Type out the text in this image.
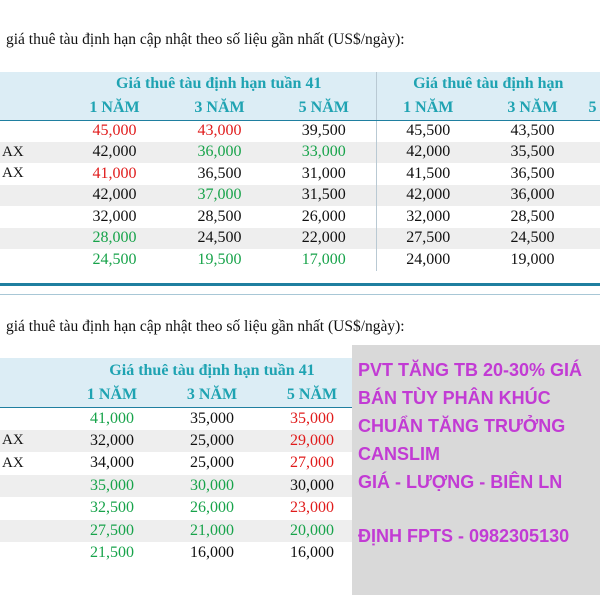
giá thuê tàu định hạn cập nhật theo số liệu gần nhất (US$/ngày):
	Giá thuê tàu định hạn tuần 41			Giá thuê tàu định hạn		
	1 NĂM	3 NĂM	5 NĂM	1 NĂM	3 NĂM	5
	45,000	43,000	39,500	45,500	43,500	
AX	42,000	36,000	33,000	42,000	35,500	
AX	41,000	36,500	31,000	41,500	36,500	
	42,000	37,000	31,500	42,000	36,000	
	32,000	28,500	26,000	32,000	28,500	
	28,000	24,500	22,000	27,500	24,500	
	24,500	19,500	17,000	24,000	19,000	
giá thuê tàu định hạn cập nhật theo số liệu gần nhất (US$/ngày):
	Giá thuê tàu định hạn tuần 41		
	1 NĂM	3 NĂM	5 NĂM
	41,000	35,000	35,000
AX	32,000	25,000	29,000
AX	34,000	25,000	27,000
	35,000	30,000	30,000
	32,500	26,000	23,000
	27,500	21,000	20,000
	21,500	16,000	16,000
PVT TĂNG TB 20-30% GIÁ
BÁN TÙY PHÂN KHÚC
CHUẨN TĂNG TRƯỞNG
CANSLIM
GIÁ - LƯỢNG - BIÊN LN
ĐỊNH FPTS - 0982305130
